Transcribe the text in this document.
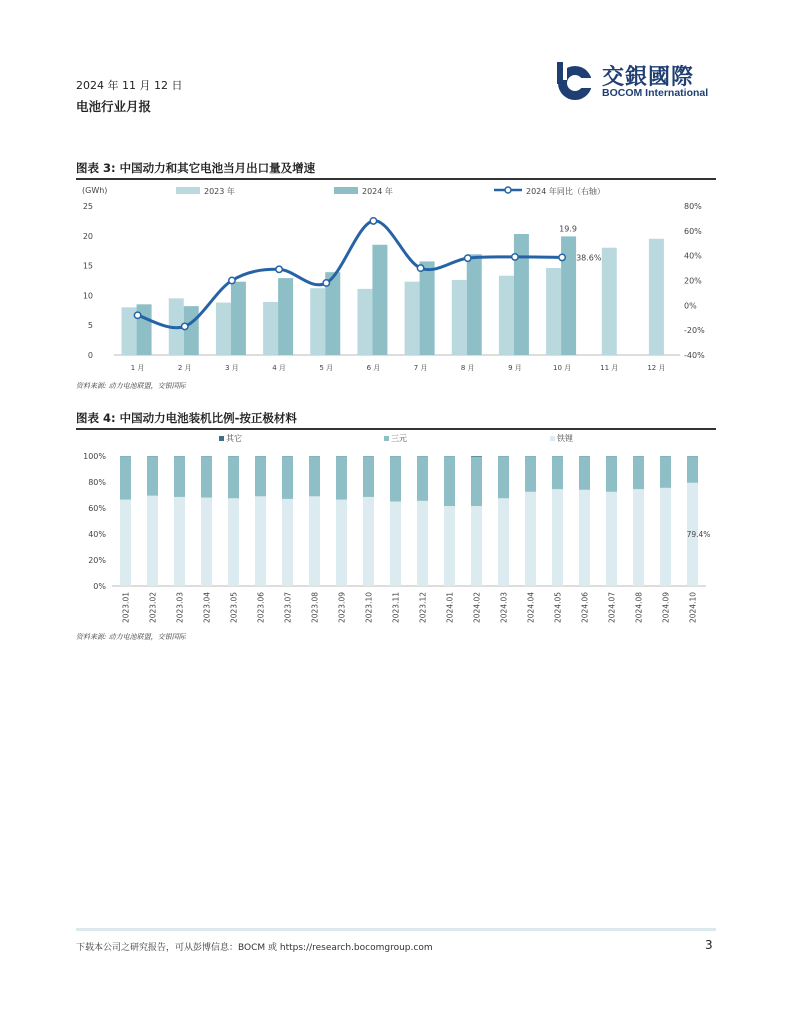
2024 年 11 月 12 日
电池行业月报
交銀國際
BOCOM International
图表 3: 中国动力和其它电池当月出口量及增速
(GWh)
0
5
10
15
20
25
-40%
-20%
0%
20%
40%
60%
80%
2023 年	2024 年	2024 年同比（右轴）
1 月	2 月	3 月	4 月	5 月	6 月	7 月	8 月	9 月	10 月	11 月	12 月
19.9
38.6%
资料来源: 动力电池联盟，交银国际
图表 4: 中国动力电池装机比例-按正极材料
其它	三元	铁锂
0%
20%
40%
60%
80%
100%
2023.01 2023.02 2023.03 2023.04 2023.05 2023.06 2023.07 2023.08 2023.09 2023.10 2023.11 2023.12 2024.01 2024.02 2024.03 2024.04 2024.05 2024.06 2024.07 2024.08 2024.09 2024.10
79.4%
资料来源: 动力电池联盟，交银国际
下载本公司之研究报告，可从彭博信息：BOCM 或 https://research.bocomgroup.com	3
